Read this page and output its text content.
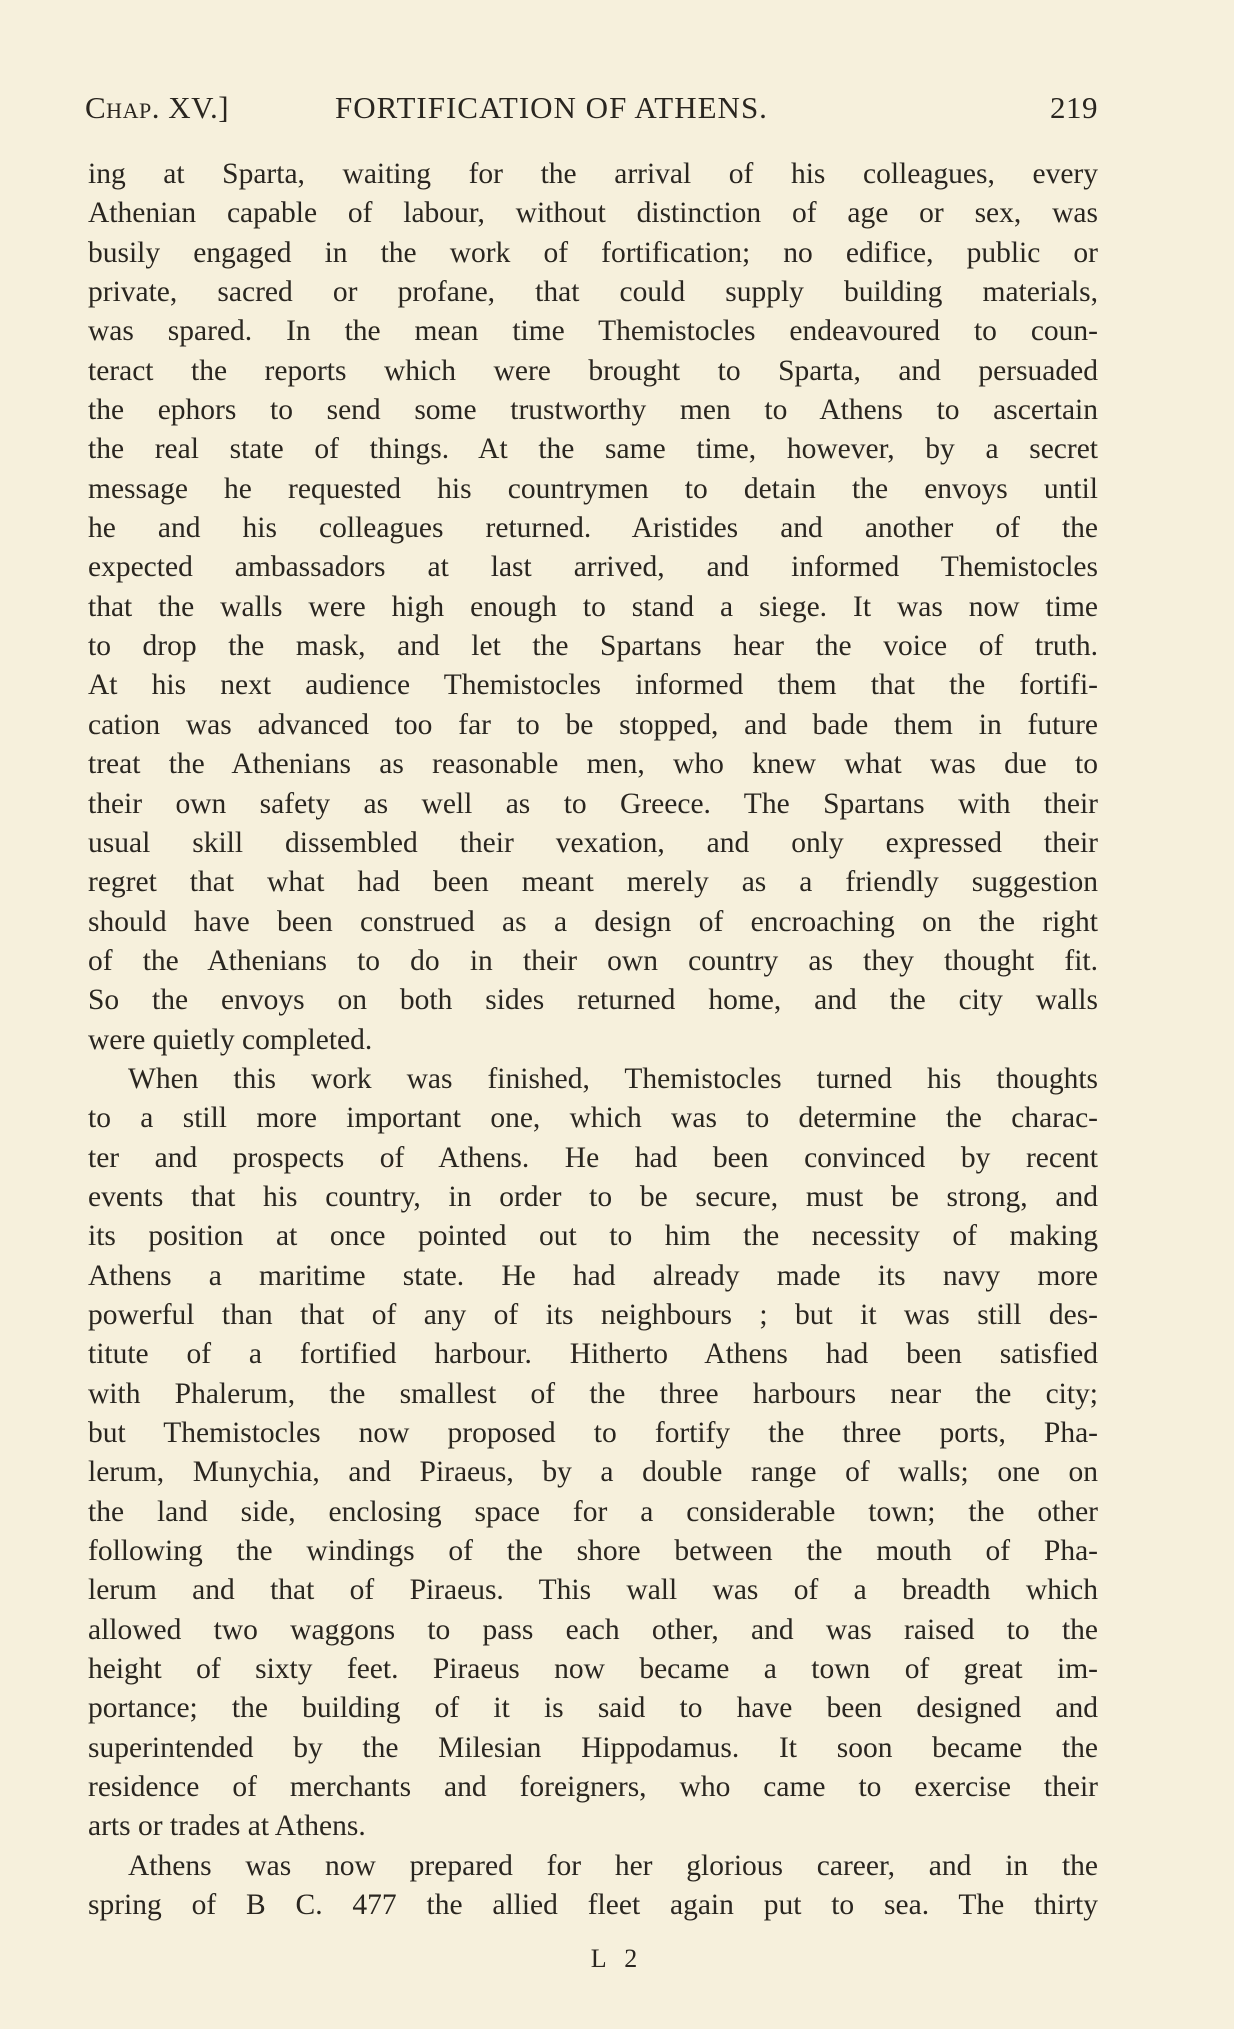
Chap. XV.]	FORTIFICATION OF ATHENS.	219
ing at Sparta, waiting for the arrival of his colleagues, every
Athenian capable of labour, without distinction of age or sex, was
busily engaged in the work of fortification; no edifice, public or
private, sacred or profane, that could supply building materials,
was spared. In the mean time Themistocles endeavoured to coun-
teract the reports which were brought to Sparta, and persuaded
the ephors to send some trustworthy men to Athens to ascertain
the real state of things. At the same time, however, by a secret
message he requested his countrymen to detain the envoys until
he and his colleagues returned. Aristides and another of the
expected ambassadors at last arrived, and informed Themistocles
that the walls were high enough to stand a siege. It was now time
to drop the mask, and let the Spartans hear the voice of truth.
At his next audience Themistocles informed them that the fortifi-
cation was advanced too far to be stopped, and bade them in future
treat the Athenians as reasonable men, who knew what was due to
their own safety as well as to Greece. The Spartans with their
usual skill dissembled their vexation, and only expressed their
regret that what had been meant merely as a friendly suggestion
should have been construed as a design of encroaching on the right
of the Athenians to do in their own country as they thought fit.
So the envoys on both sides returned home, and the city walls
were quietly completed.
When this work was finished, Themistocles turned his thoughts
to a still more important one, which was to determine the charac-
ter and prospects of Athens. He had been convinced by recent
events that his country, in order to be secure, must be strong, and
its position at once pointed out to him the necessity of making
Athens a maritime state. He had already made its navy more
powerful than that of any of its neighbours ; but it was still des-
titute of a fortified harbour. Hitherto Athens had been satisfied
with Phalerum, the smallest of the three harbours near the city;
but Themistocles now proposed to fortify the three ports, Pha-
lerum, Munychia, and Piraeus, by a double range of walls; one on
the land side, enclosing space for a considerable town; the other
following the windings of the shore between the mouth of Pha-
lerum and that of Piraeus. This wall was of a breadth which
allowed two waggons to pass each other, and was raised to the
height of sixty feet. Piraeus now became a town of great im-
portance; the building of it is said to have been designed and
superintended by the Milesian Hippodamus. It soon became the
residence of merchants and foreigners, who came to exercise their
arts or trades at Athens.
Athens was now prepared for her glorious career, and in the
spring of B C. 477 the allied fleet again put to sea. The thirty
L 2
